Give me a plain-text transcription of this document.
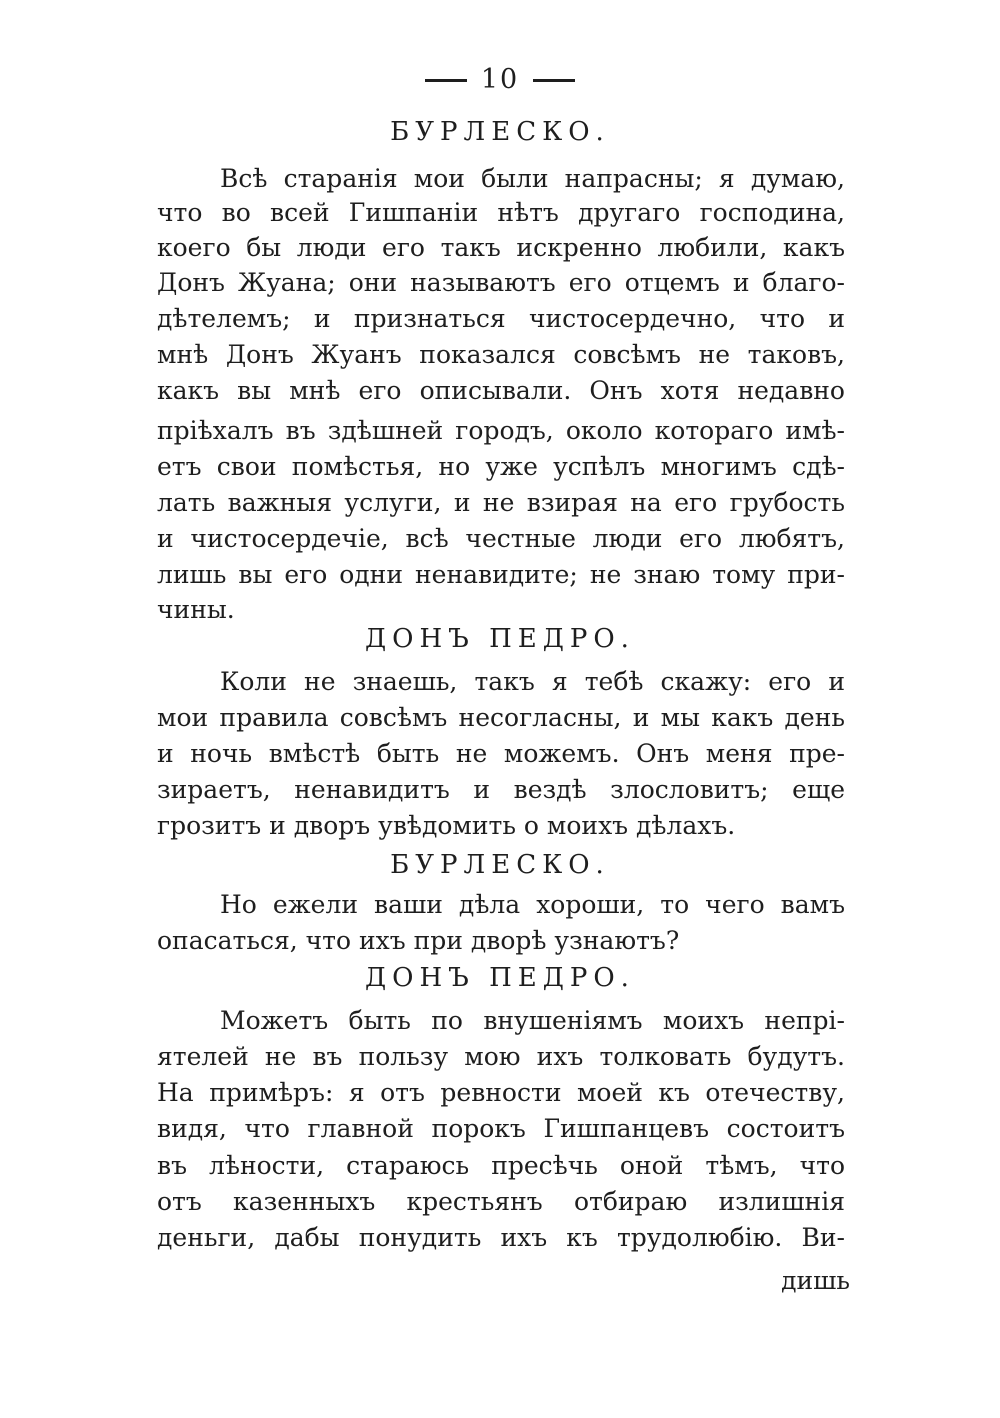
10
БУРЛЕСКО.
Всѣ старанія мои были напрасны; я думаю,
что во всей Гишпаніи нѣтъ другаго господина,
коего бы люди его такъ искренно любили, какъ
Донъ Жуана; они называютъ его отцемъ и благо-
дѣтелемъ; и признаться чистосердечно, что и
мнѣ Донъ Жуанъ показался совсѣмъ не таковъ,
какъ вы мнѣ его описывали. Онъ хотя недавно
пріѣхалъ въ здѣшней городъ, около котораго имѣ-
етъ свои помѣстья, но уже успѣлъ многимъ сдѣ-
лать важныя услуги, и не взирая на его грубость
и чистосердечіе, всѣ честные люди его любятъ,
лишь вы его одни ненавидите; не знаю тому при-
чины.
ДОНЪ ПЕДРО.
Коли не знаешь, такъ я тебѣ скажу: его и
мои правила совсѣмъ несогласны, и мы какъ день
и ночь вмѣстѣ быть не можемъ. Онъ меня пре-
зираетъ, ненавидитъ и вездѣ злословитъ; еще
грозитъ и дворъ увѣдомить о моихъ дѣлахъ.
БУРЛЕСКО.
Но ежели ваши дѣла хороши, то чего вамъ
опасаться, что ихъ при дворѣ узнаютъ?
ДОНЪ ПЕДРО.
Можетъ быть по внушеніямъ моихъ непрі-
ятелей не въ пользу мою ихъ толковать будутъ.
На примѣръ: я отъ ревности моей къ отечеству,
видя, что главной порокъ Гишпанцевъ состоитъ
въ лѣности, стараюсь пресѣчь оной тѣмъ, что
отъ казенныхъ крестьянъ отбираю излишнія
деньги, дабы понудить ихъ къ трудолюбію. Ви-
дишь
